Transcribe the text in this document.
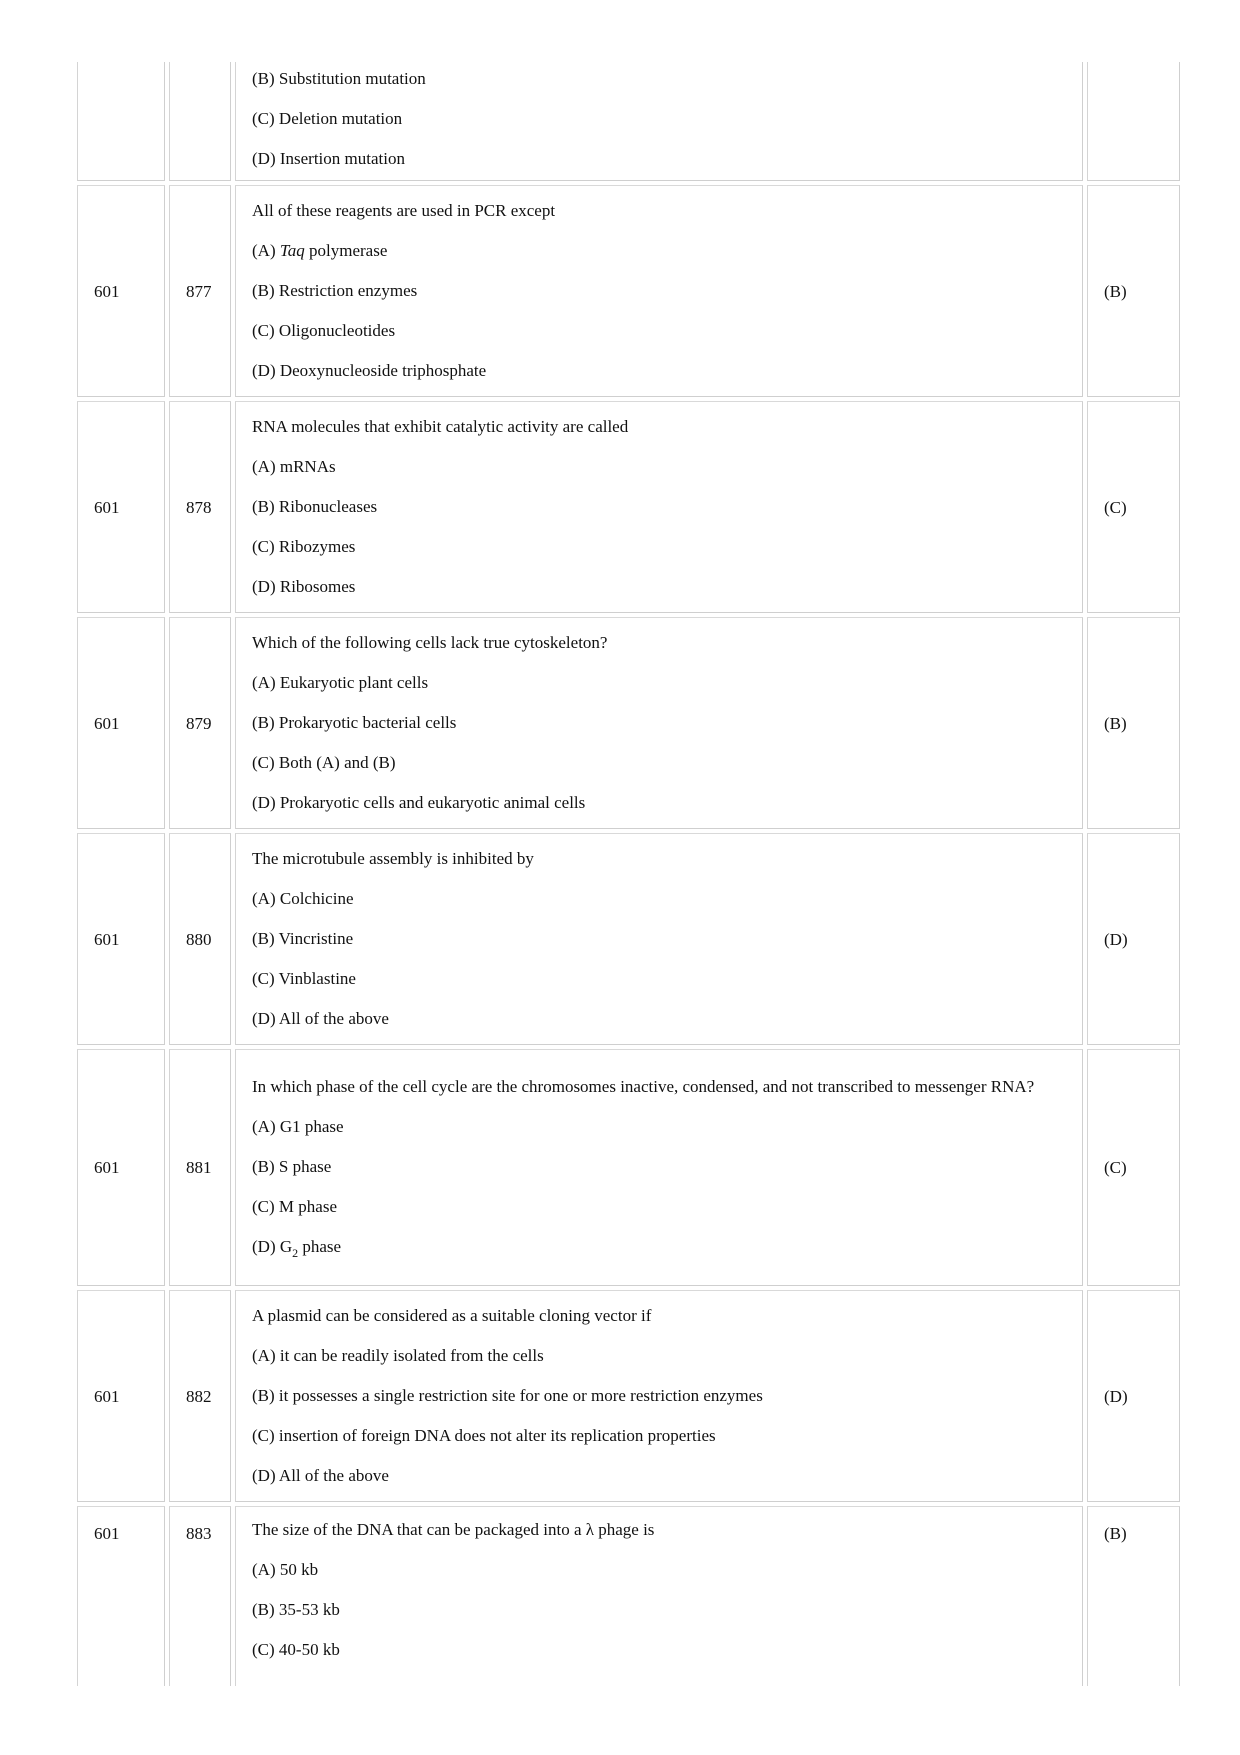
		(B) Substitution mutation

(C) Deletion mutation

(D) Insertion mutation	

601	877	All of these reagents are used in PCR except

(A) Taq polymerase

(B) Restriction enzymes

(C) Oligonucleotides

(D) Deoxynucleoside triphosphate	(B)
601	878	RNA molecules that exhibit catalytic activity are called

(A) mRNAs

(B) Ribonucleases

(C) Ribozymes

(D) Ribosomes	(C)
601	879	Which of the following cells lack true cytoskeleton?

(A) Eukaryotic plant cells

(B) Prokaryotic bacterial cells

(C) Both (A) and (B)

(D) Prokaryotic cells and eukaryotic animal cells	(B)
601	880	The microtubule assembly is inhibited by

(A) Colchicine

(B) Vincristine

(C) Vinblastine

(D) All of the above	(D)
601	881	In which phase of the cell cycle are the chromosomes inactive, condensed, and not transcribed to messenger RNA?

(A) G1 phase

(B) S phase

(C) M phase

(D) $G_2$ phase	(C)
601	882	A plasmid can be considered as a suitable cloning vector if

(A) it can be readily isolated from the cells

(B) it possesses a single restriction site for one or more restriction enzymes

(C) insertion of foreign DNA does not alter its replication properties

(D) All of the above	(D)
601	883	The size of the DNA that can be packaged into a λ phage is

(A) 50 kb

(B) 35-53 kb

(C) 40-50 kb	(B)
